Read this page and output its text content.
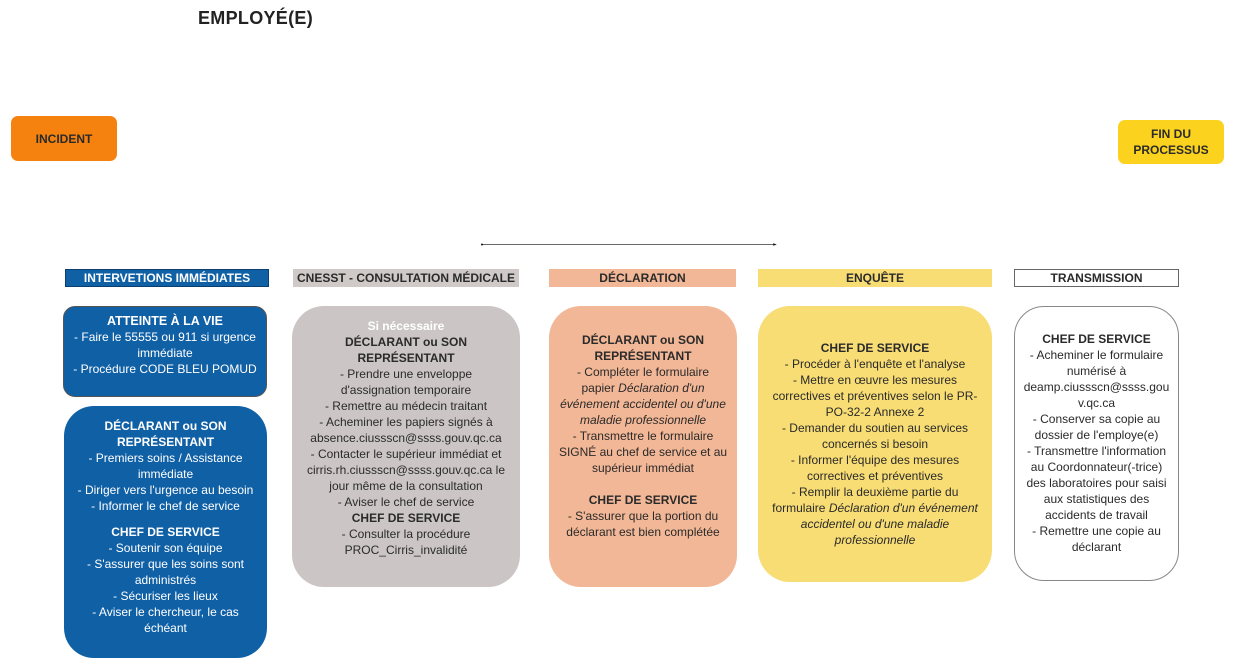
EMPLOYÉ(E)
INCIDENT	FIN DU
PROCESSUS
INTERVETIONS IMMÉDIATES	CNESST - CONSULTATION MÉDICALE	DÉCLARATION	ENQUÊTE	TRANSMISSION

ATTEINTE À LA VIE

- Faire le 55555 ou 911 si urgence

immédiate

- Procédure CODE BLEU POMUD

DÉCLARANT ou SON

REPRÉSENTANT

- Premiers soins / Assistance

immédiate

- Diriger vers l'urgence au besoin

- Informer le chef de service

CHEF DE SERVICE

- Soutenir son équipe

- S'assurer que les soins sont

administrés

- Sécuriser les lieux

- Aviser le chercheur, le cas

échéant

Si nécessaire

DÉCLARANT ou SON

REPRÉSENTANT

- Prendre une enveloppe

d'assignation temporaire

- Remettre au médecin traitant

- Acheminer les papiers signés à

absence.ciussscn@ssss.gouv.qc.ca

- Contacter le supérieur immédiat et

cirris.rh.ciussscn@ssss.gouv.qc.ca le

jour même de la consultation

- Aviser le chef de service

CHEF DE SERVICE

- Consulter la procédure

PROC_Cirris_invalidité

DÉCLARANT ou SON

REPRÉSENTANT

- Compléter le formulaire

papier Déclaration d'un

événement accidentel ou d'une

maladie professionnelle

- Transmettre le formulaire

SIGNÉ au chef de service et au

supérieur immédiat

CHEF DE SERVICE

- S'assurer que la portion du

déclarant est bien complétée

CHEF DE SERVICE

- Procéder à l'enquête et l'analyse

- Mettre en œuvre les mesures

correctives et préventives selon le PR-

PO-32-2 Annexe 2

- Demander du soutien au services

concernés si besoin

- Informer l'équipe des mesures

correctives et préventives

- Remplir la deuxième partie du

formulaire Déclaration d'un événement

accidentel ou d'une maladie

professionnelle

CHEF DE SERVICE

- Acheminer le formulaire

numérisé à

deamp.ciussscn@ssss.gou

v.qc.ca

- Conserver sa copie au

dossier de l'employe(e)

- Transmettre l'information

au Coordonnateur(-trice)

des laboratoires pour saisi

aux statistiques des

accidents de travail

- Remettre une copie au

déclarant
